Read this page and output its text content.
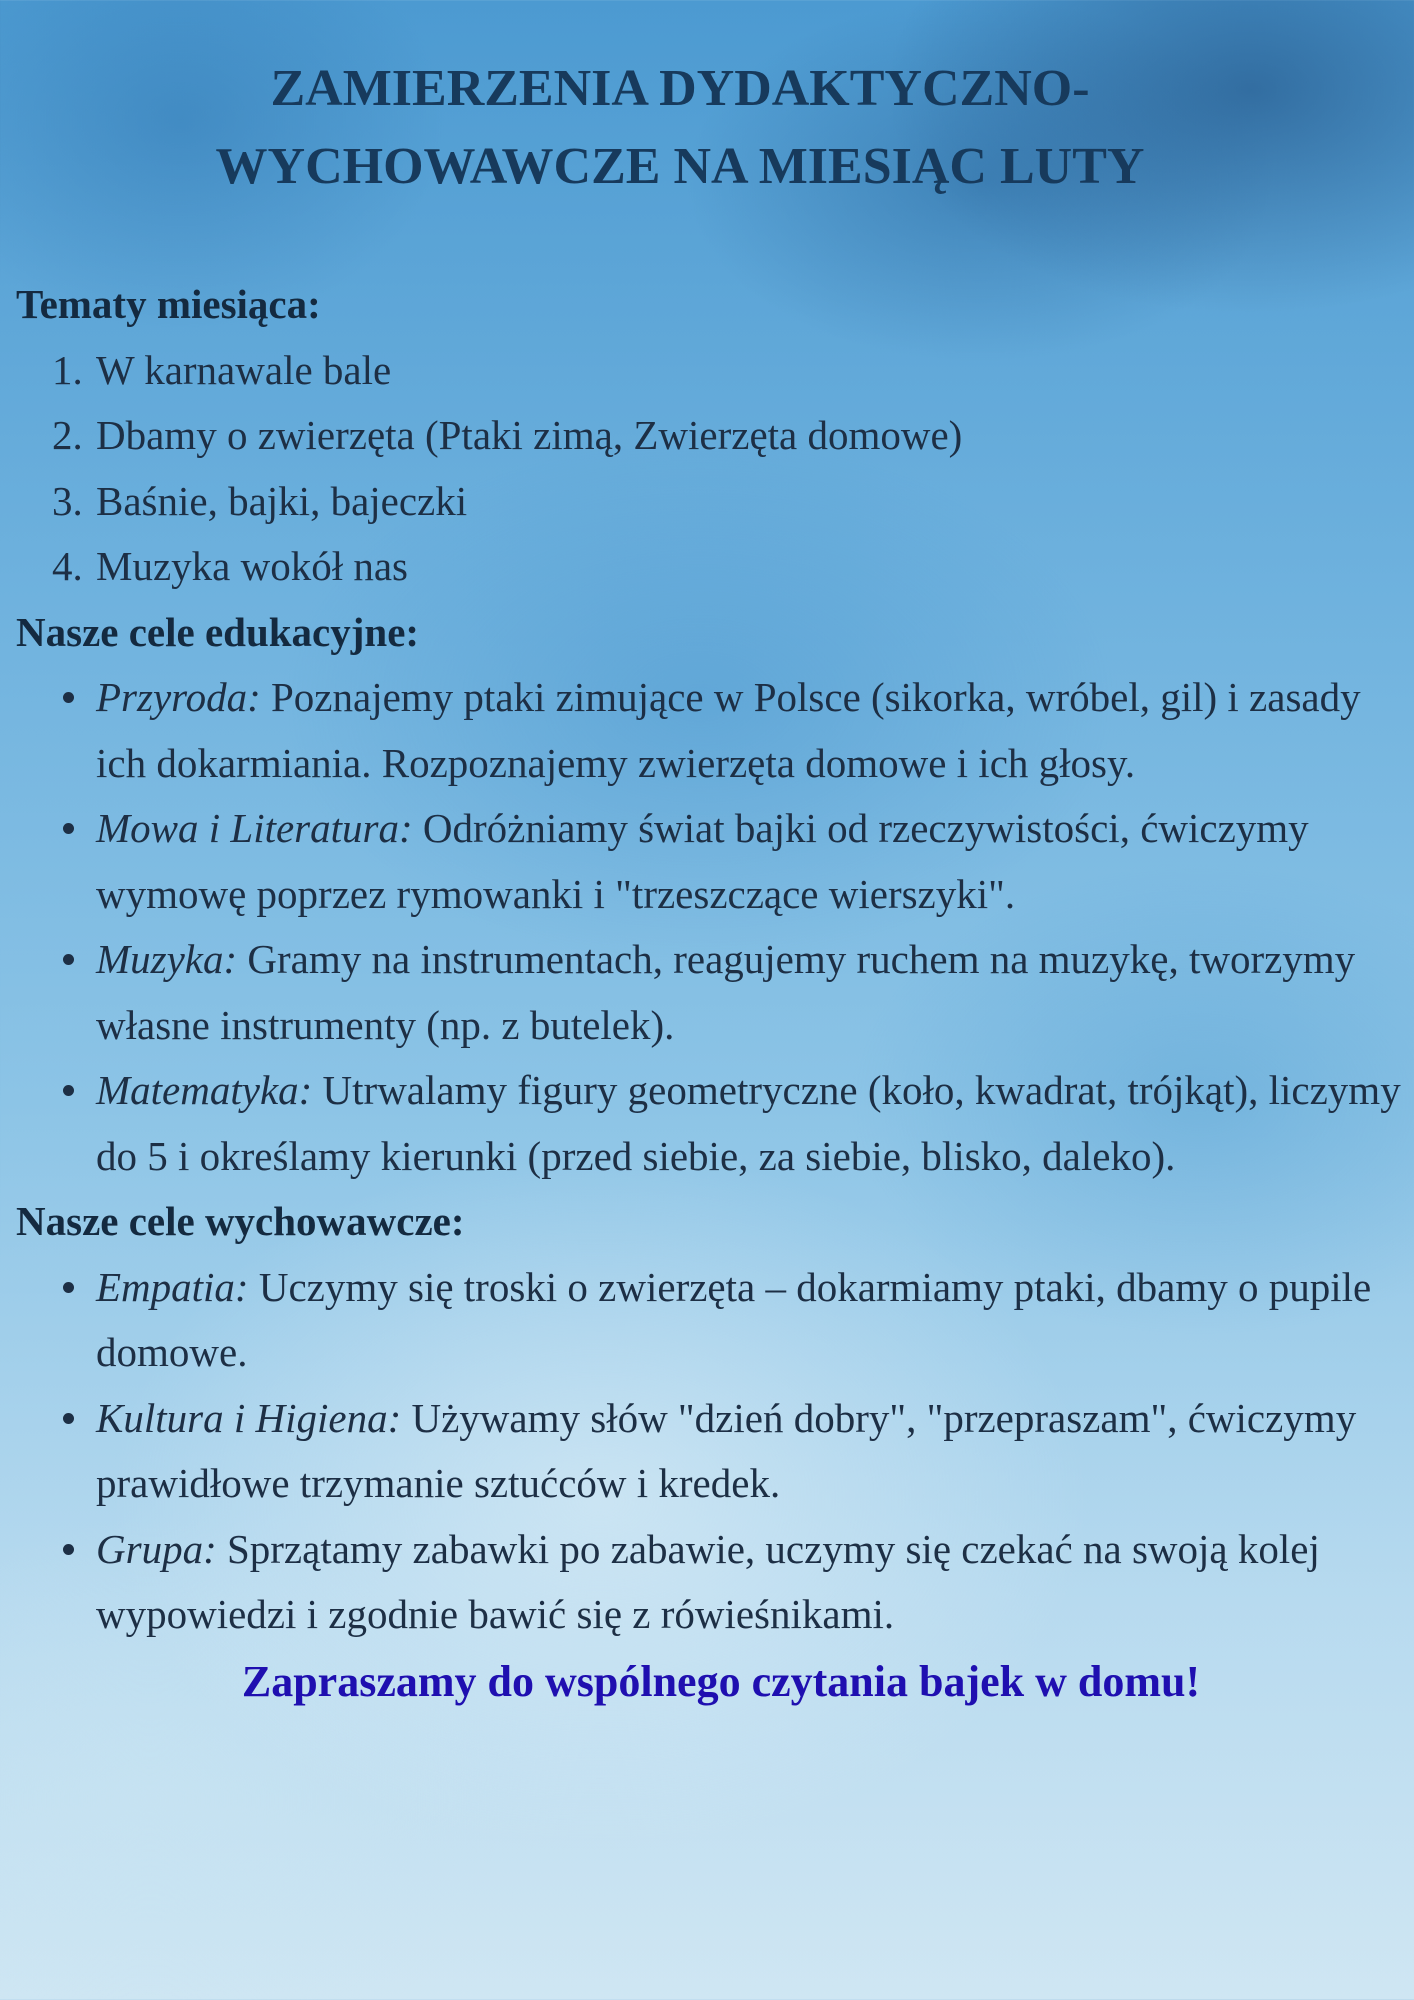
ZAMIERZENIA DYDAKTYCZNO-
WYCHOWAWCZE NA MIESIĄC LUTY

Tematy miesiąca:

1. W karnawale bale
2. Dbamy o zwierzęta (Ptaki zimą, Zwierzęta domowe)
3. Baśnie, bajki, bajeczki
4. Muzyka wokół nas

Nasze cele edukacyjne:

Przyroda: Poznajemy ptaki zimujące w Polsce (sikorka, wróbel, gil) i zasady ich dokarmiania. Rozpoznajemy zwierzęta domowe i ich głosy.
Mowa i Literatura: Odróżniamy świat bajki od rzeczywistości, ćwiczymy wymowę poprzez rymowanki i "trzeszczące wierszyki".
Muzyka: Gramy na instrumentach, reagujemy ruchem na muzykę, tworzymy własne instrumenty (np. z butelek).
Matematyka: Utrwalamy figury geometryczne (koło, kwadrat, trójkąt), liczymy do 5 i określamy kierunki (przed siebie, za siebie, blisko, daleko).

Nasze cele wychowawcze:

Empatia: Uczymy się troski o zwierzęta – dokarmiamy ptaki, dbamy o pupile domowe.
Kultura i Higiena: Używamy słów "dzień dobry", "przepraszam", ćwiczymy prawidłowe trzymanie sztućców i kredek.
Grupa: Sprzątamy zabawki po zabawie, uczymy się czekać na swoją kolej wypowiedzi i zgodnie bawić się z rówieśnikami.

Zapraszamy do wspólnego czytania bajek w domu!
